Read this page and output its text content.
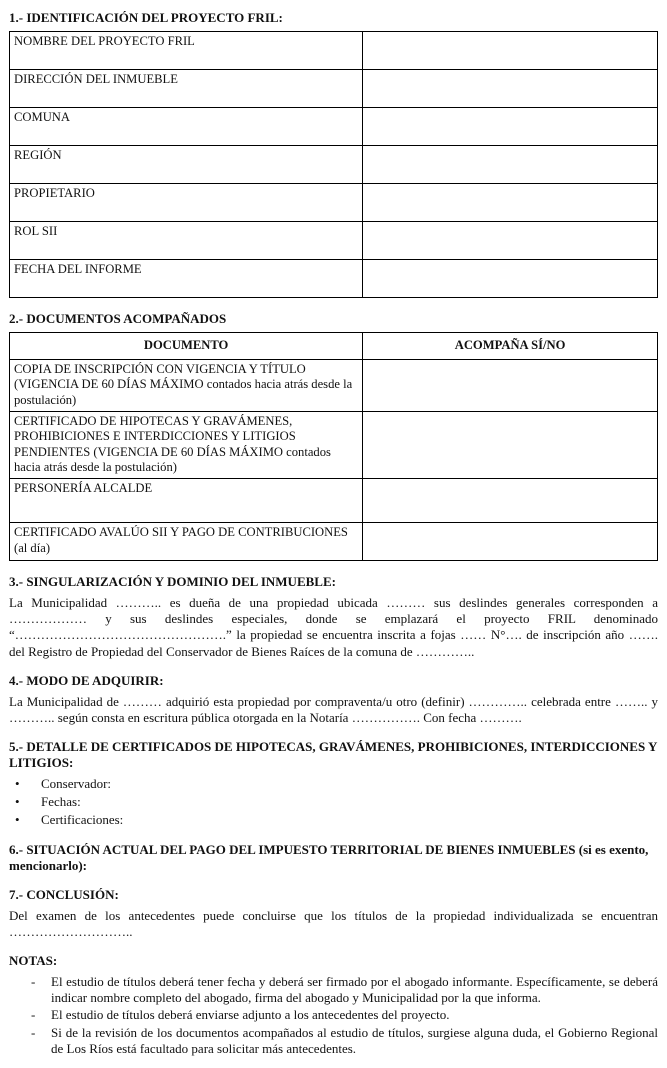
1.- IDENTIFICACIÓN DEL PROYECTO FRIL:
NOMBRE DEL PROYECTO FRIL	
DIRECCIÓN DEL INMUEBLE	
COMUNA	
REGIÓN	
PROPIETARIO	
ROL SII	
FECHA DEL INFORME	
2.- DOCUMENTOS ACOMPAÑADOS
DOCUMENTO	ACOMPAÑA SÍ/NO
COPIA DE INSCRIPCIÓN CON VIGENCIA Y TÍTULO (VIGENCIA DE 60 DÍAS MÁXIMO contados hacia atrás desde la postulación)	
CERTIFICADO DE HIPOTECAS Y GRAVÁMENES, PROHIBICIONES E INTERDICCIONES Y LITIGIOS PENDIENTES (VIGENCIA DE 60 DÍAS MÁXIMO contados hacia atrás desde la postulación)	
PERSONERÍA ALCALDE	
CERTIFICADO AVALÚO SII Y PAGO DE CONTRIBUCIONES (al día)	
3.- SINGULARIZACIÓN Y DOMINIO DEL INMUEBLE:
La Municipalidad ……….. es dueña de una propiedad ubicada ……… sus deslindes generales corresponden a ……………… y sus deslindes especiales, donde se emplazará el proyecto FRIL denominado “………………………………………….” la propiedad se encuentra inscrita a fojas …… N°…. de inscripción año ……. del Registro de Propiedad del Conservador de Bienes Raíces de la comuna de …………..
4.- MODO DE ADQUIRIR:
La Municipalidad de ……… adquirió esta propiedad por compraventa/u otro (definir) ………….. celebrada entre …….. y ……….. según consta en escritura pública otorgada en la Notaría ……………. Con fecha ……….
5.- DETALLE DE CERTIFICADOS DE HIPOTECAS, GRAVÁMENES, PROHIBICIONES, INTERDICCIONES Y LITIGIOS:
•	Conservador:
•	Fechas:
•	Certificaciones:
6.- SITUACIÓN ACTUAL DEL PAGO DEL IMPUESTO TERRITORIAL DE BIENES INMUEBLES (si es exento, mencionarlo):
7.- CONCLUSIÓN:
Del examen de los antecedentes puede concluirse que los títulos de la propiedad individualizada se encuentran ………………………..
NOTAS:
-	El estudio de títulos deberá tener fecha y deberá ser firmado por el abogado informante. Específicamente, se deberá indicar nombre completo del abogado, firma del abogado y Municipalidad por la que informa.
-	El estudio de títulos deberá enviarse adjunto a los antecedentes del proyecto.
-	Si de la revisión de los documentos acompañados al estudio de títulos, surgiese alguna duda, el Gobierno Regional de Los Ríos está facultado para solicitar más antecedentes.
